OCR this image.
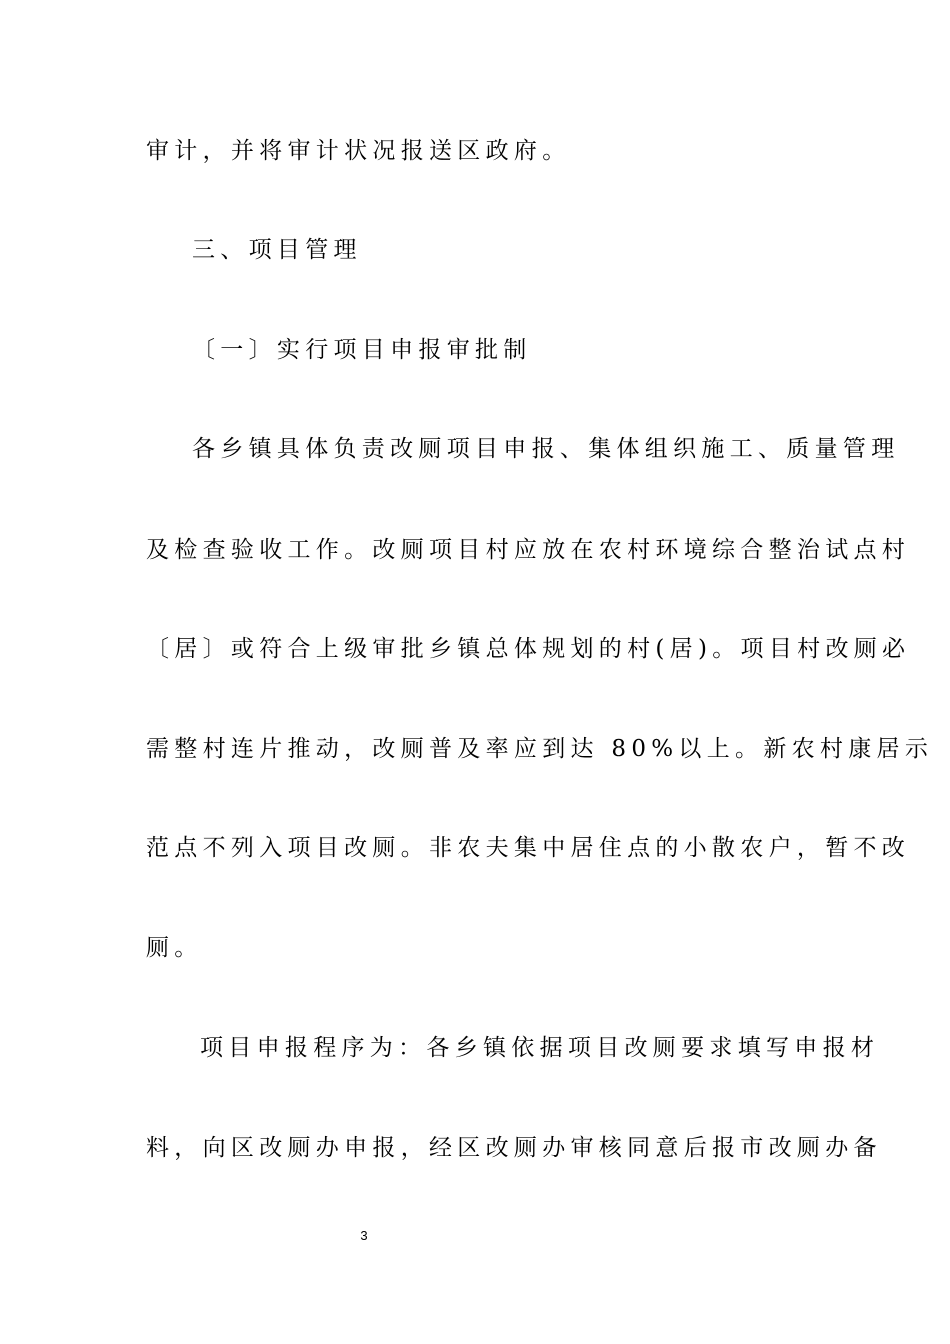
审计，并将审计状况报送区政府。

三、项目管理

〔一〕实行项目申报审批制

各乡镇具体负责改厕项目申报、集体组织施工、质量管理

及检查验收工作。改厕项目村应放在农村环境综合整治试点村

〔居〕或符合上级审批乡镇总体规划的村(居)。项目村改厕必

需整村连片推动，改厕普及率应到达 80%以上。新农村康居示

范点不列入项目改厕。非农夫集中居住点的小散农户，暂不改

厕。

项目申报程序为：各乡镇依据项目改厕要求填写申报材

料，向区改厕办申报，经区改厕办审核同意后报市改厕办备

3
